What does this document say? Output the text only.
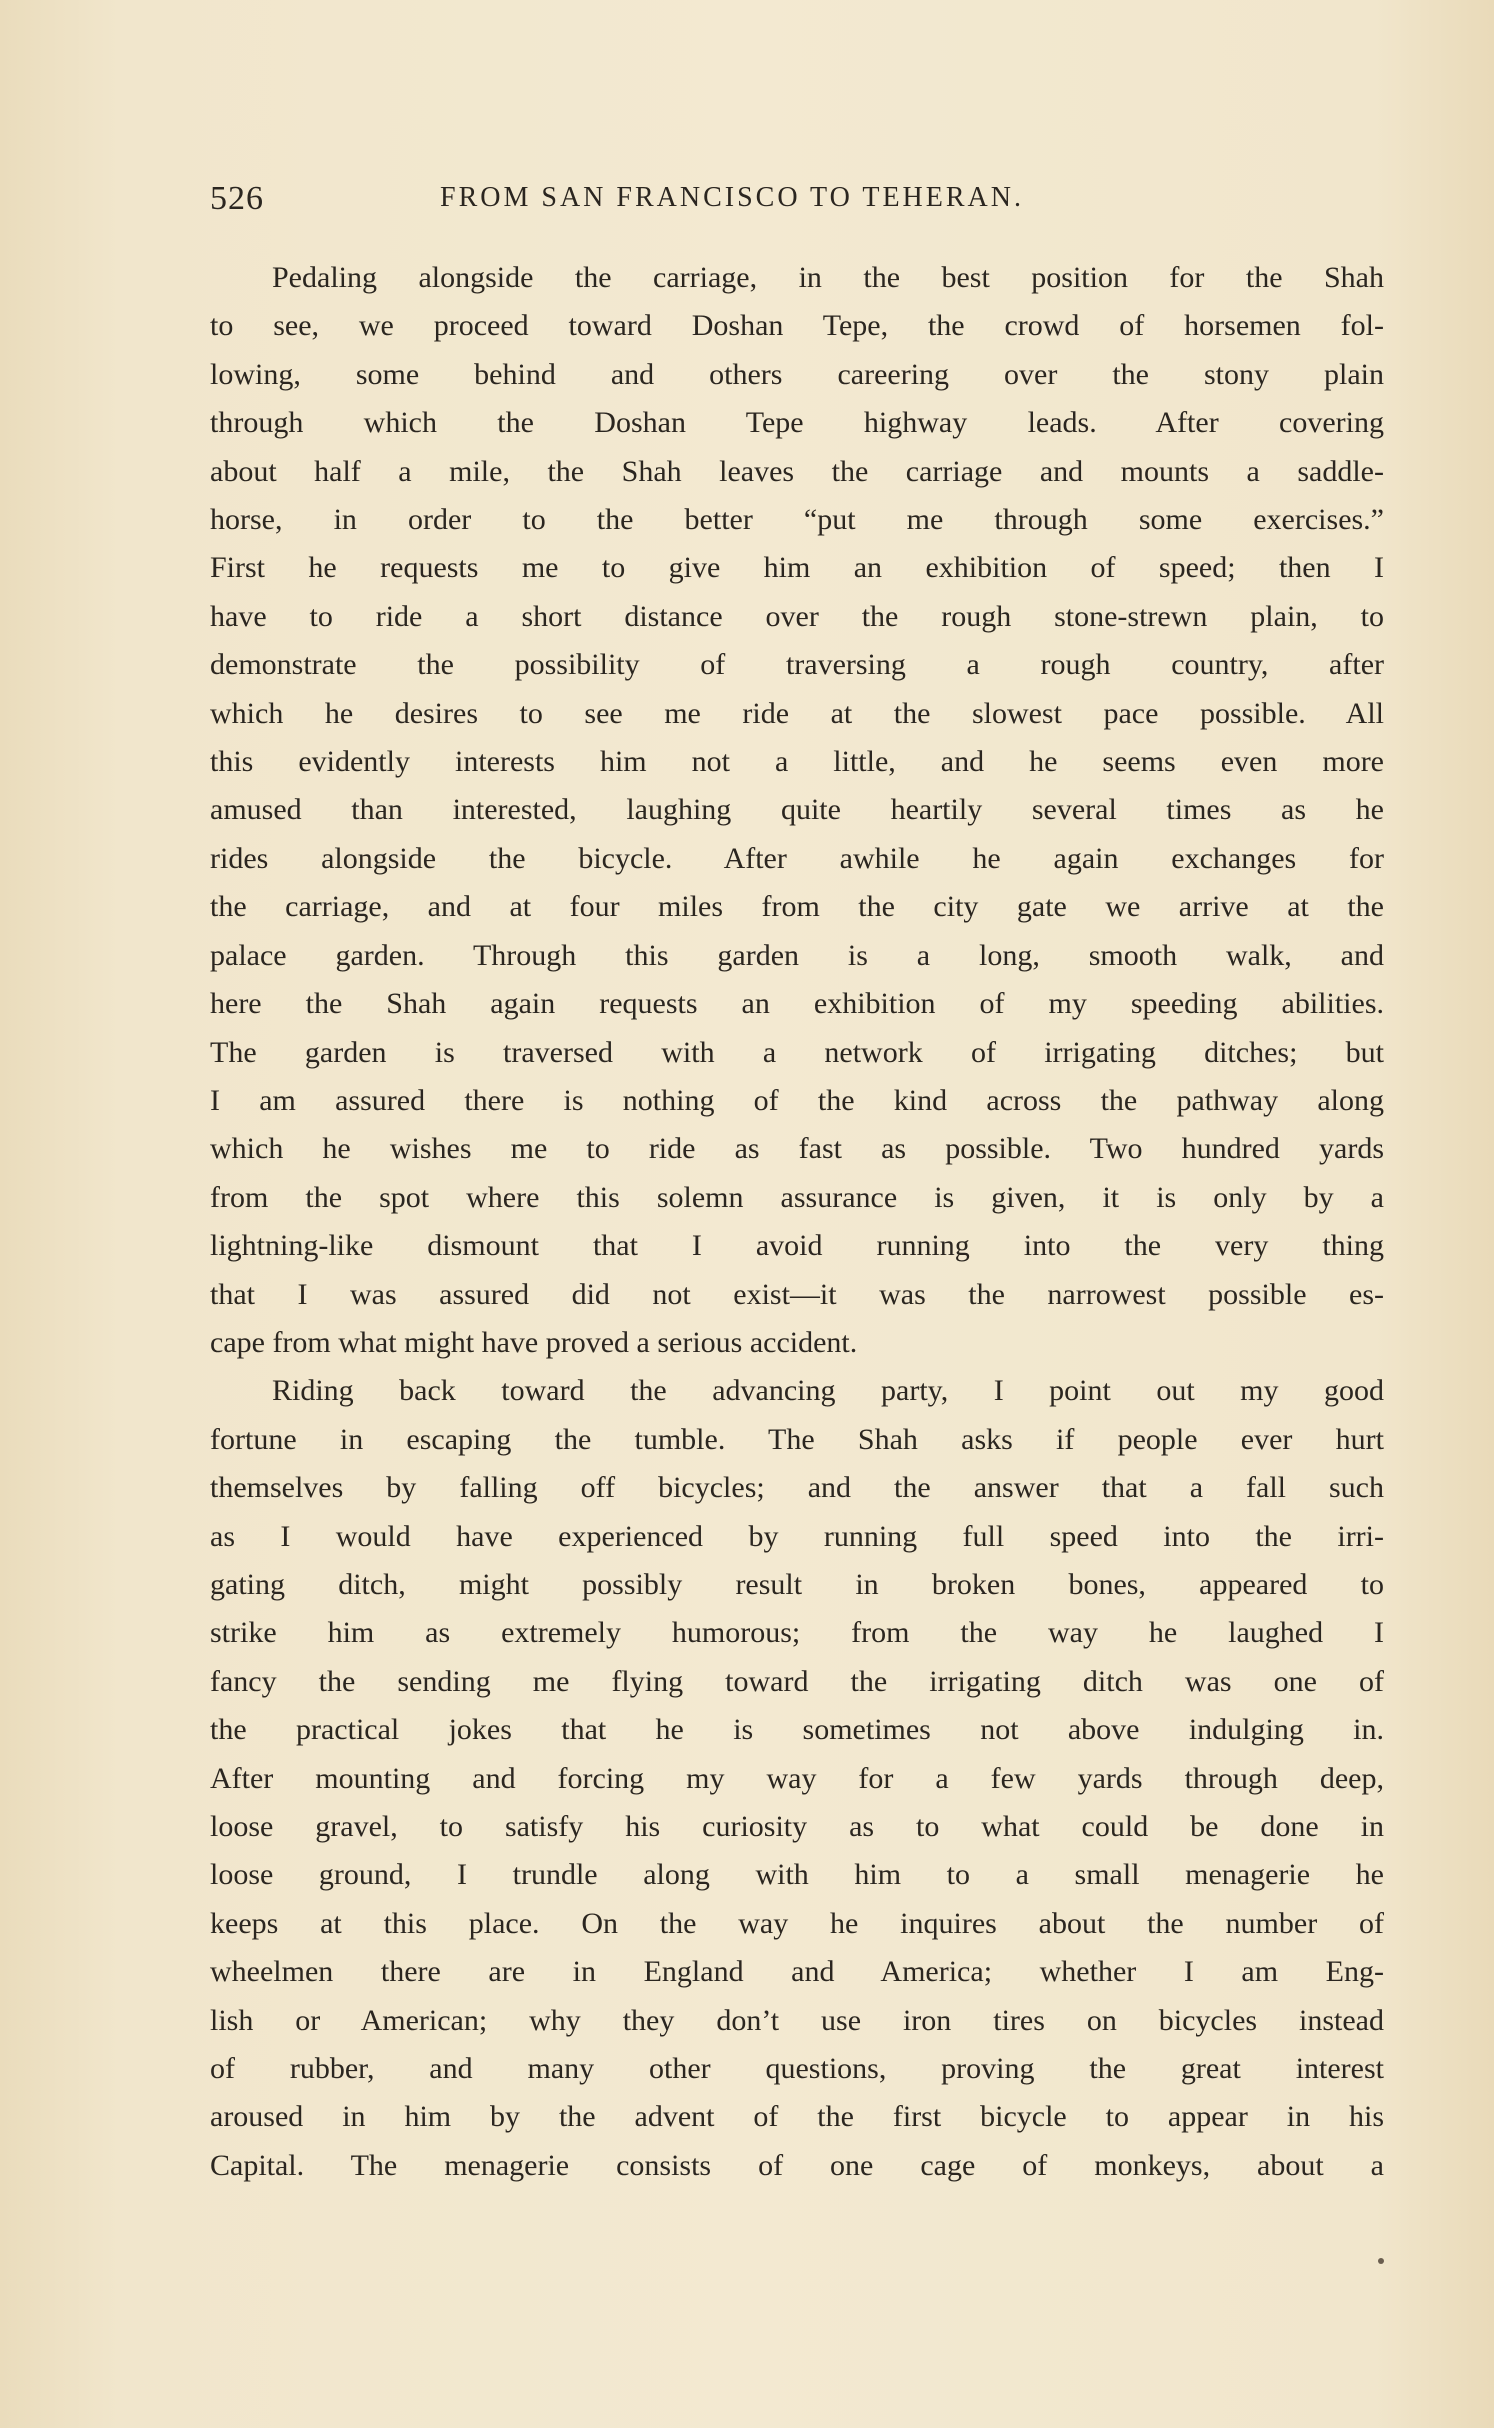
526	FROM SAN FRANCISCO TO TEHERAN.
Pedaling alongside the carriage, in the best position for the Shah
to see, we proceed toward Doshan Tepe, the crowd of horsemen fol-
lowing, some behind and others careering over the stony plain
through which the Doshan Tepe highway leads. After covering
about half a mile, the Shah leaves the carriage and mounts a saddle-
horse, in order to the better “put me through some exercises.”
First he requests me to give him an exhibition of speed; then I
have to ride a short distance over the rough stone-strewn plain, to
demonstrate the possibility of traversing a rough country, after
which he desires to see me ride at the slowest pace possible. All
this evidently interests him not a little, and he seems even more
amused than interested, laughing quite heartily several times as he
rides alongside the bicycle. After awhile he again exchanges for
the carriage, and at four miles from the city gate we arrive at the
palace garden. Through this garden is a long, smooth walk, and
here the Shah again requests an exhibition of my speeding abilities.
The garden is traversed with a network of irrigating ditches; but
I am assured there is nothing of the kind across the pathway along
which he wishes me to ride as fast as possible. Two hundred yards
from the spot where this solemn assurance is given, it is only by a
lightning-like dismount that I avoid running into the very thing
that I was assured did not exist—it was the narrowest possible es-
cape from what might have proved a serious accident.
Riding back toward the advancing party, I point out my good
fortune in escaping the tumble. The Shah asks if people ever hurt
themselves by falling off bicycles; and the answer that a fall such
as I would have experienced by running full speed into the irri-
gating ditch, might possibly result in broken bones, appeared to
strike him as extremely humorous; from the way he laughed I
fancy the sending me flying toward the irrigating ditch was one of
the practical jokes that he is sometimes not above indulging in.
After mounting and forcing my way for a few yards through deep,
loose gravel, to satisfy his curiosity as to what could be done in
loose ground, I trundle along with him to a small menagerie he
keeps at this place. On the way he inquires about the number of
wheelmen there are in England and America; whether I am Eng-
lish or American; why they don’t use iron tires on bicycles instead
of rubber, and many other questions, proving the great interest
aroused in him by the advent of the first bicycle to appear in his
Capital. The menagerie consists of one cage of monkeys, about a
